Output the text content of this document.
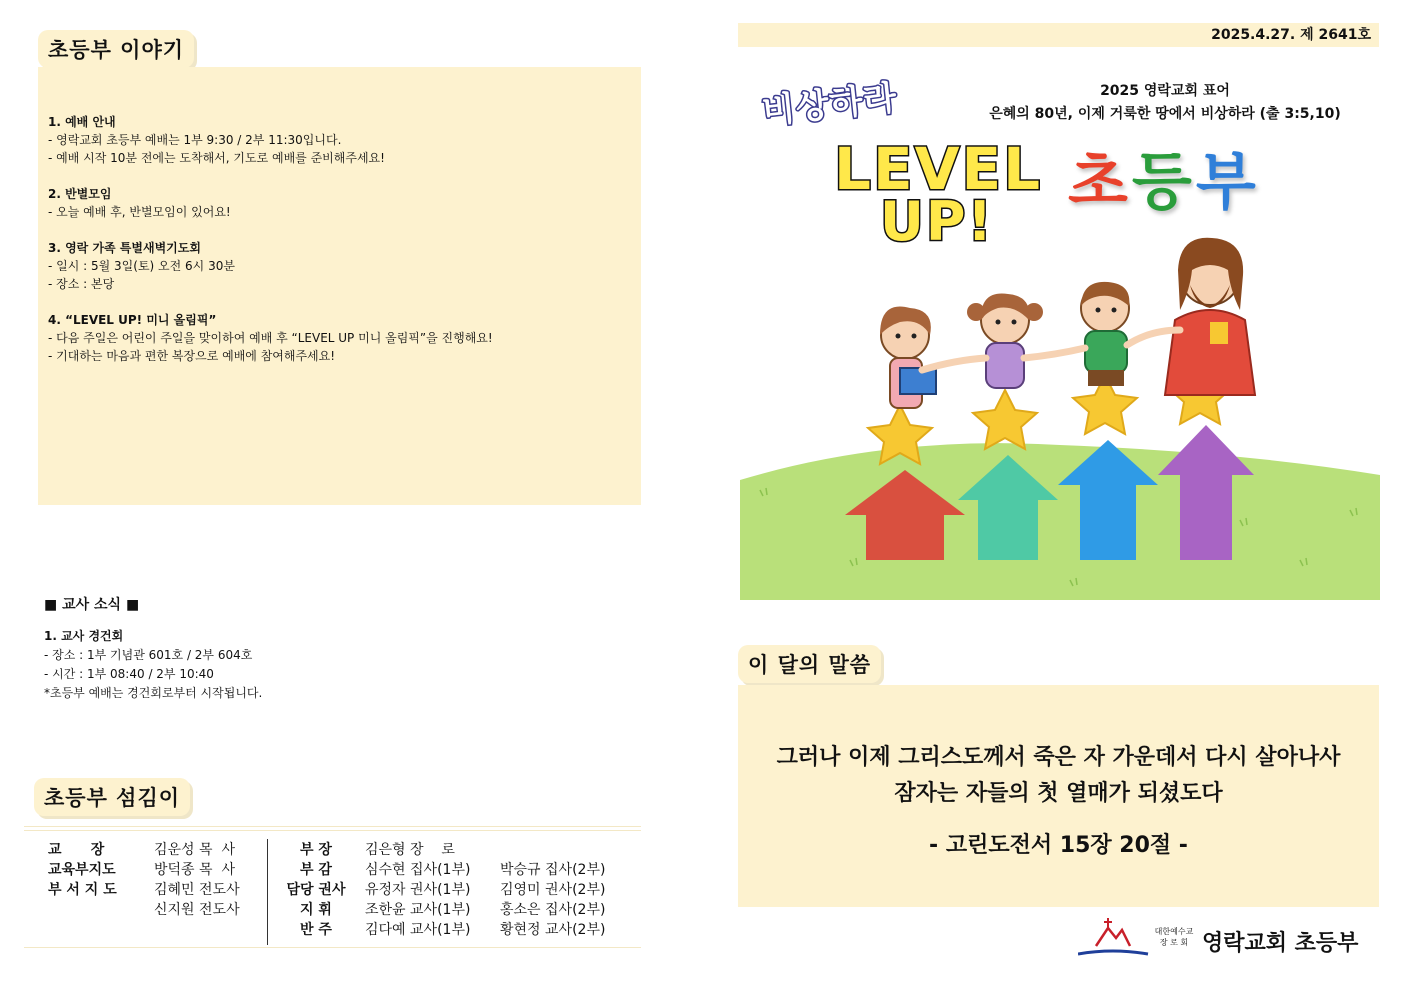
초등부 이야기
1. 예배 안내
- 영락교회 초등부 예배는 1부 9:30 / 2부 11:30입니다.
- 예배 시작 10분 전에는 도착해서, 기도로 예배를 준비해주세요!
2. 반별모임
- 오늘 예배 후, 반별모임이 있어요!
3. 영락 가족 특별새벽기도회
- 일시 : 5월 3일(토) 오전 6시 30분
- 장소 : 본당
4. “LEVEL UP! 미니 올림픽”
- 다음 주일은 어린이 주일을 맞이하여 예배 후 “LEVEL UP 미니 올림픽”을 진행해요!
- 기대하는 마음과 편한 복장으로 예배에 참여해주세요!
■ 교사 소식 ■
1. 교사 경건회
- 장소 : 1부 기념관 601호 / 2부 604호
- 시간 : 1부 08:40 / 2부 10:40
*초등부 예배는 경건회로부터 시작됩니다.
초등부 섬김이
교      장
교육부지도
부 서 지 도
김운성 목  사
방덕종 목  사
김혜민 전도사
신지원 전도사
부 장
부 감
담당 권사
지 휘
반 주
김은형 장    로
심수현 집사(1부)
유정자 권사(1부)
조한윤 교사(1부)
김다예 교사(1부)
박승규 집사(2부)
김영미 권사(2부)
홍소은 집사(2부)
황현정 교사(2부)
2025.4.27. 제 2641호
비상하라	2025 영락교회 표어
은혜의 80년, 이제 거룩한 땅에서 비상하라 (출 3:5,10)
LEVEL
UP!
초등부
이 달의 말씀
그러나 이제 그리스도께서 죽은 자 가운데서 다시 살아나사
잠자는 자들의 첫 열매가 되셨도다
- 고린도전서 15장 20절 -
대한예수교
장 로 회 영락교회 초등부
